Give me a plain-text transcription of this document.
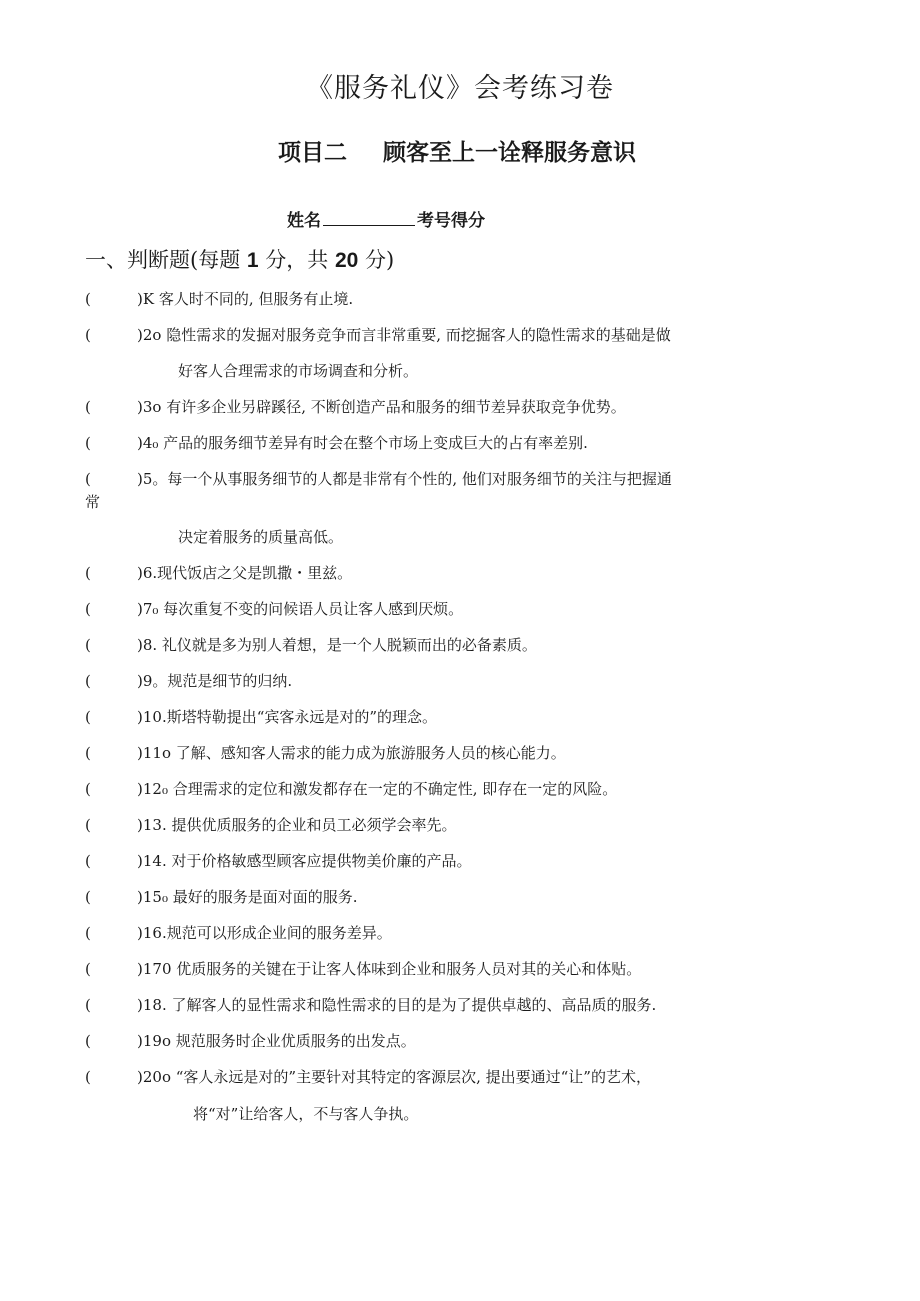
《服务礼仪》会考练习卷
项目二 顾客至上一诠释服务意识
姓名	考号得分
一、判断题(每题 1 分，共 20 分)
(	)K 客人时不同的, 但服务有止境.
(	)2o 隐性需求的发掘对服务竞争而言非常重要, 而挖掘客人的隐性需求的基础是做
好客人合理需求的市场调查和分析。
(	)3o 有许多企业另辟蹊径, 不断创造产品和服务的细节差异获取竞争优势。
(	)4₀ 产品的服务细节差异有时会在整个市场上变成巨大的占有率差别.
(	)5。每一个从事服务细节的人都是非常有个性的, 他们对服务细节的关注与把握通
常
决定着服务的质量高低。
(	)6.现代饭店之父是凯撒・里兹。
(	)7₀ 每次重复不变的问候语人员让客人感到厌烦。
(	)8. 礼仪就是多为别人着想，是一个人脱颖而出的必备素质。
(	)9。规范是细节的归纳.
(	)10.斯塔特勒提出“宾客永远是对的”的理念。
(	)11o 了解、感知客人需求的能力成为旅游服务人员的核心能力。
(	)12₀ 合理需求的定位和激发都存在一定的不确定性, 即存在一定的风险。
(	)13. 提供优质服务的企业和员工必须学会率先。
(	)14. 对于价格敏感型顾客应提供物美价廉的产品。
(	)15₀ 最好的服务是面对面的服务.
(	)16.规范可以形成企业间的服务差异。
(	)170 优质服务的关键在于让客人体味到企业和服务人员对其的关心和体贴。
(	)18. 了解客人的显性需求和隐性需求的目的是为了提供卓越的、高品质的服务.
(	)19o 规范服务时企业优质服务的出发点。
(	)20o “客人永远是对的”主要针对其特定的客源层次, 提出要通过“让”的艺术，
将“对”让给客人，不与客人争执。
